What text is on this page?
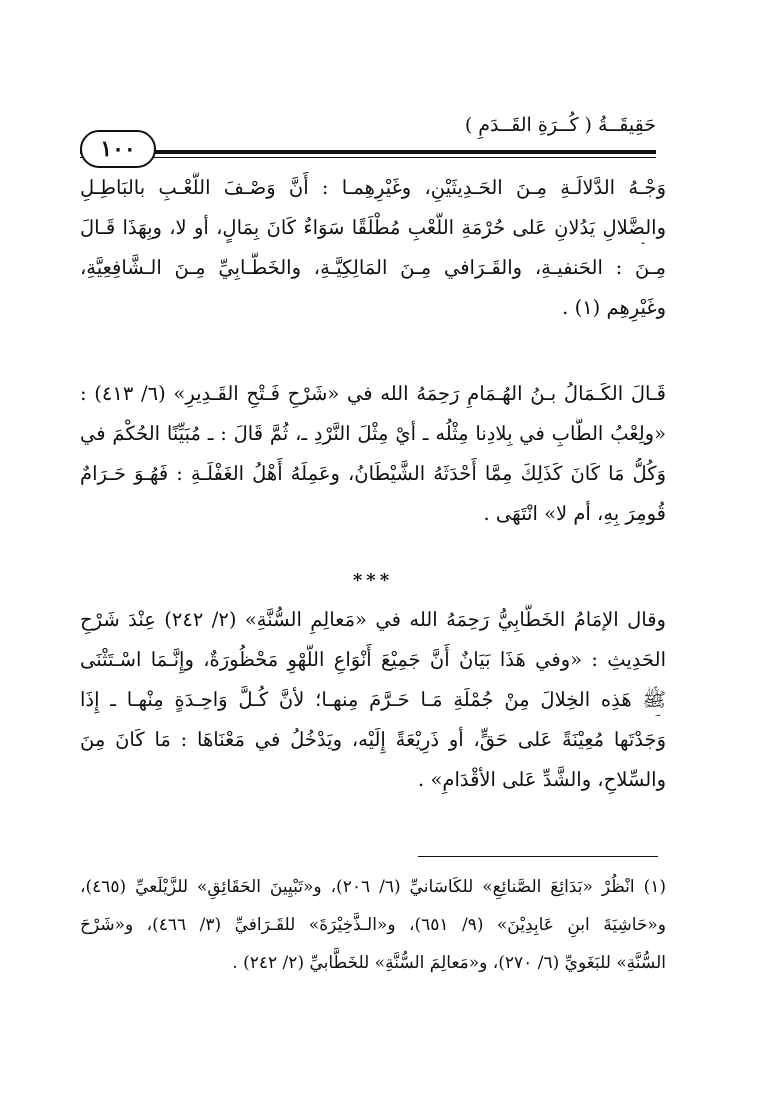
حَقِيقَــةُ ( كُــرَةِ القَــدَمِ )
١٠٠
وَجْـهُ الدَّلالَـةِ مِـنَ الحَـدِيثَيْنِ، وغَيْرِهِمـا : أَنَّ وَصْـفَ اللَّعْـبِ بالبَاطِـلِ
والضَّلالِ يَدُلانِ عَلى حُرْمَةِ اللَّعْبِ مُطْلَقًا سَوَاءٌ كَانَ بِمَالٍ، أو لا، وبِهَذَا قَـالَ
مِـنَ : الحَنفيـةِ، والقَـرَافي مِـنَ المَالِكِيَّـةِ، والخَطَّـابِيِّ مِـنَ الـشَّافِعِيَّةِ،
وغَيْرِهِم (١) .
قَـالَ الكَـمَالُ بـنُ الهُـمَامِ رَحِمَهُ الله في «شَرْحِ فَـتْحِ القَـدِيرِ» (٦/ ٤١٣) :
«ولِعْبُ الطَّابِ في بِلادِنا مِثْلُه ـ أيْ مِثْلَ النَّرْدِ ـ، ثُمَّ قَالَ : ـ مُبَيِّنًا الحُكْمَ في
وَكُلُّ مَا كَانَ كَذَلِكَ مِمَّا أَحْدَثَهُ الشَّيْطَانُ، وعَمِلَهُ أَهْلُ الغَفْلَـةِ : فَهُـوَ حَـرَامٌ
قُومِرَ بِهِ، أم لا» انْتَهَى .
***
وقال الإمَامُ الخَطَّابِيُّ رَحِمَهُ الله في «مَعالِمِ السُّنَّةِ» (٢/ ٢٤٢) عِنْدَ شَرْحِ
الحَدِيثِ : «وفي هَذَا بَيَانٌ أَنَّ جَمِيْعَ أَنْوَاعِ اللَّهْوِ مَحْظُورَةٌ، وإِنَّـمَا اسْـتَثْنَى
ﷺ هَذِه الخِلالَ مِنْ جُمْلَةِ مَـا حَـرَّمَ مِنهـا؛ لأنَّ كُـلَّ وَاحِـدَةٍ مِنْهـا ـ إِذَا
وَجَدْتَها مُعِيْنَةً عَلى حَقٍّ، أو ذَرِيْعَةً إِلَيْه، ويَدْخُلُ في مَعْنَاهَا : مَا كَانَ مِنَ
والسِّلاحِ، والشَّدِّ عَلى الأقْدَامِ» .
(١) انْظُرْ «بَدَائِعَ الصَّنائِعِ» للكَاسَانيِّ (٦/ ٢٠٦)، و«تَبْيِينَ الحَقَائِقِ» للزَّيْلَعيِّ (٤٦٥)،
و«حَاشِيَةَ ابنِ عَابِدِيْنَ» (٩/ ٦٥١)، و«الـذَّخِيْرَةَ» للقَـرَافيِّ (٣/ ٤٦٦)، و«شَرْحَ
السُّنَّةِ» للبَغَويِّ (٦/ ٢٧٠)، و«مَعالِمَ السُّنَّةِ» للخَطَّابيِّ (٢/ ٢٤٢) .
